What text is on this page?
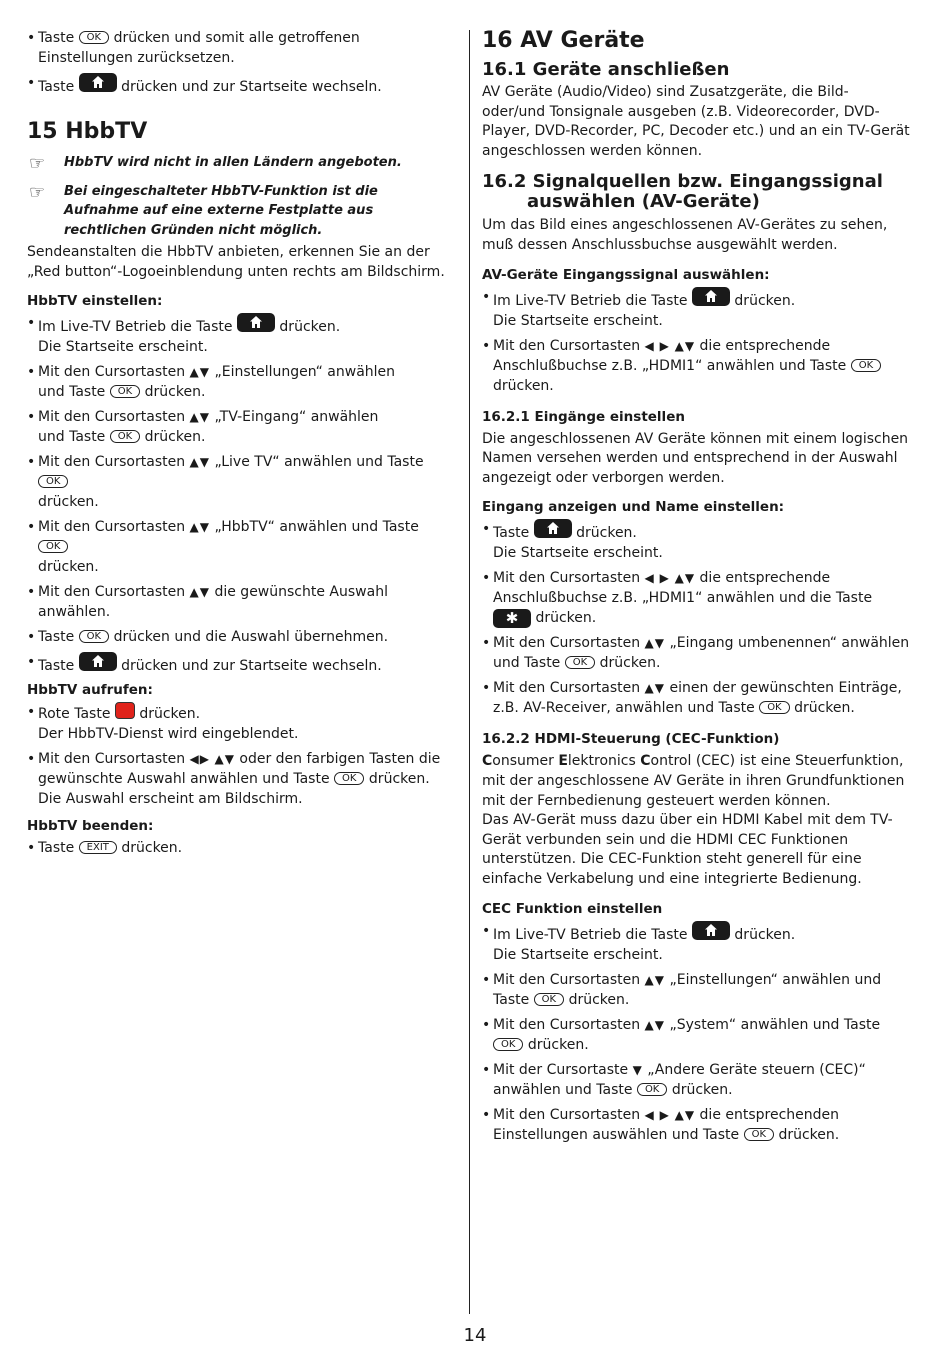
• Taste OK drücken und somit alle getroffenen Einstellungen zurücksetzen.

• Taste	drücken und zur Startseite wechseln.

15 HbbTV

☞ HbbTV wird nicht in allen Ländern angeboten.

☞ Bei eingeschalteter HbbTV-Funktion ist die Aufnahme auf eine externe Festplatte aus rechtlichen Gründen nicht möglich.

Sendeanstalten die HbbTV anbieten, erkennen Sie an der „Red button“-Logoeinblendung unten rechts am Bildschirm.

HbbTV einstellen:

• Im Live-TV Betrieb die Taste	drücken.
Die Startseite erscheint.

• Mit den Cursortasten ▲▼ „Einstellungen“ anwählen
und Taste OK drücken.

• Mit den Cursortasten ▲▼ „TV-Eingang“ anwählen
und Taste OK drücken.

• Mit den Cursortasten ▲▼ „Live TV“ anwählen und Taste OK
drücken.

• Mit den Cursortasten ▲▼ „HbbTV“ anwählen und Taste OK
drücken.

• Mit den Cursortasten ▲▼ die gewünschte Auswahl anwählen.

• Taste OK drücken und die Auswahl übernehmen.

• Taste	drücken und zur Startseite wechseln.

HbbTV aufrufen:

• Rote Taste drücken.
Der HbbTV-Dienst wird eingeblendet.

• Mit den Cursortasten ◀▶ ▲▼ oder den farbigen Tasten die gewünschte Auswahl anwählen und Taste OK drücken.
Die Auswahl erscheint am Bildschirm.

HbbTV beenden:

• Taste EXIT drücken.

16 AV Geräte
16.1 Geräte anschließen

AV Geräte (Audio/Video) sind Zusatzgeräte, die Bild- oder/und Tonsignale ausgeben (z.B. Videorecorder, DVD-Player, DVD-Recorder, PC, Decoder etc.) und an ein TV-Gerät angeschlossen werden können.

16.2 Signalquellen bzw. Eingangssignal
auswählen (AV-Geräte)

Um das Bild eines angeschlossenen AV-Gerätes zu sehen, muß dessen Anschlussbuchse ausgewählt werden.

AV-Geräte Eingangssignal auswählen:

• Im Live-TV Betrieb die Taste	drücken.
Die Startseite erscheint.

• Mit den Cursortasten ◀ ▶ ▲▼ die entsprechende Anschlußbuchse z.B. „HDMI1“ anwählen und Taste OK drücken.

16.2.1 Eingänge einstellen

Die angeschlossenen AV Geräte können mit einem logischen Namen versehen werden und entsprechend in der Auswahl angezeigt oder verborgen werden.

Eingang anzeigen und Name einstellen:

• Taste	drücken.
Die Startseite erscheint.

• Mit den Cursortasten ◀ ▶ ▲▼ die entsprechende Anschlußbuchse z.B. „HDMI1“ anwählen und die Taste ✱ drücken.

• Mit den Cursortasten ▲▼ „Eingang umbenennen“ anwählen und Taste OK drücken.

• Mit den Cursortasten ▲▼ einen der gewünschten Einträge, z.B. AV-Receiver, anwählen und Taste OK drücken.

16.2.2 HDMI-Steuerung (CEC-Funktion)

Consumer Elektronics Control (CEC) ist eine Steuerfunktion, mit der angeschlossene AV Geräte in ihren Grundfunktionen mit der Fernbedienung gesteuert werden können.

Das AV-Gerät muss dazu über ein HDMI Kabel mit dem TV-Gerät verbunden sein und die HDMI CEC Funktionen unterstützen. Die CEC-Funktion steht generell für eine einfache Verkabelung und eine integrierte Bedienung.

CEC Funktion einstellen

• Im Live-TV Betrieb die Taste	drücken.
Die Startseite erscheint.

• Mit den Cursortasten ▲▼ „Einstellungen“ anwählen und Taste OK drücken.

• Mit den Cursortasten ▲▼ „System“ anwählen und Taste OK drücken.

• Mit der Cursortaste ▼ „Andere Geräte steuern (CEC)“ anwählen und Taste OK drücken.

• Mit den Cursortasten ◀ ▶ ▲▼ die entsprechenden Einstellungen auswählen und Taste OK drücken.

14
